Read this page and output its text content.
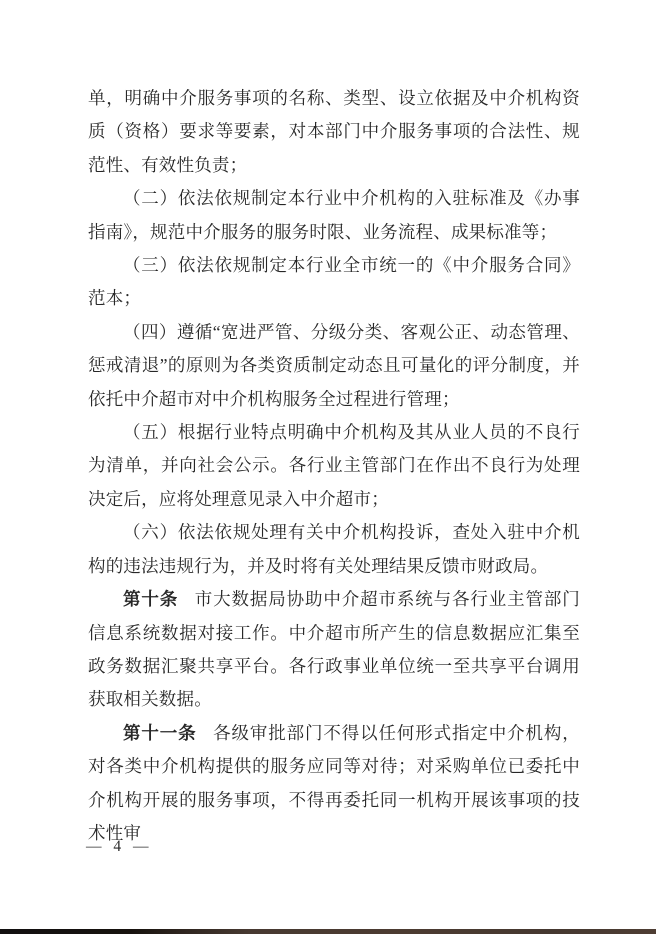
单，明确中介服务事项的名称、类型、设立依据及中介机构资质（资格）要求等要素，对本部门中介服务事项的合法性、规范性、有效性负责；

（二）依法依规制定本行业中介机构的入驻标准及《办事指南》，规范中介服务的服务时限、业务流程、成果标准等；

（三）依法依规制定本行业全市统一的《中介服务合同》范本；

（四）遵循“宽进严管、分级分类、客观公正、动态管理、惩戒清退”的原则为各类资质制定动态且可量化的评分制度，并依托中介超市对中介机构服务全过程进行管理；

（五）根据行业特点明确中介机构及其从业人员的不良行为清单，并向社会公示。各行业主管部门在作出不良行为处理决定后，应将处理意见录入中介超市；

（六）依法依规处理有关中介机构投诉，查处入驻中介机构的违法违规行为，并及时将有关处理结果反馈市财政局。

第十条 市大数据局协助中介超市系统与各行业主管部门信息系统数据对接工作。中介超市所产生的信息数据应汇集至政务数据汇聚共享平台。各行政事业单位统一至共享平台调用获取相关数据。

第十一条 各级审批部门不得以任何形式指定中介机构，对各类中介机构提供的服务应同等对待；对采购单位已委托中介机构开展的服务事项，不得再委托同一机构开展该事项的技术性审

— 4 —
